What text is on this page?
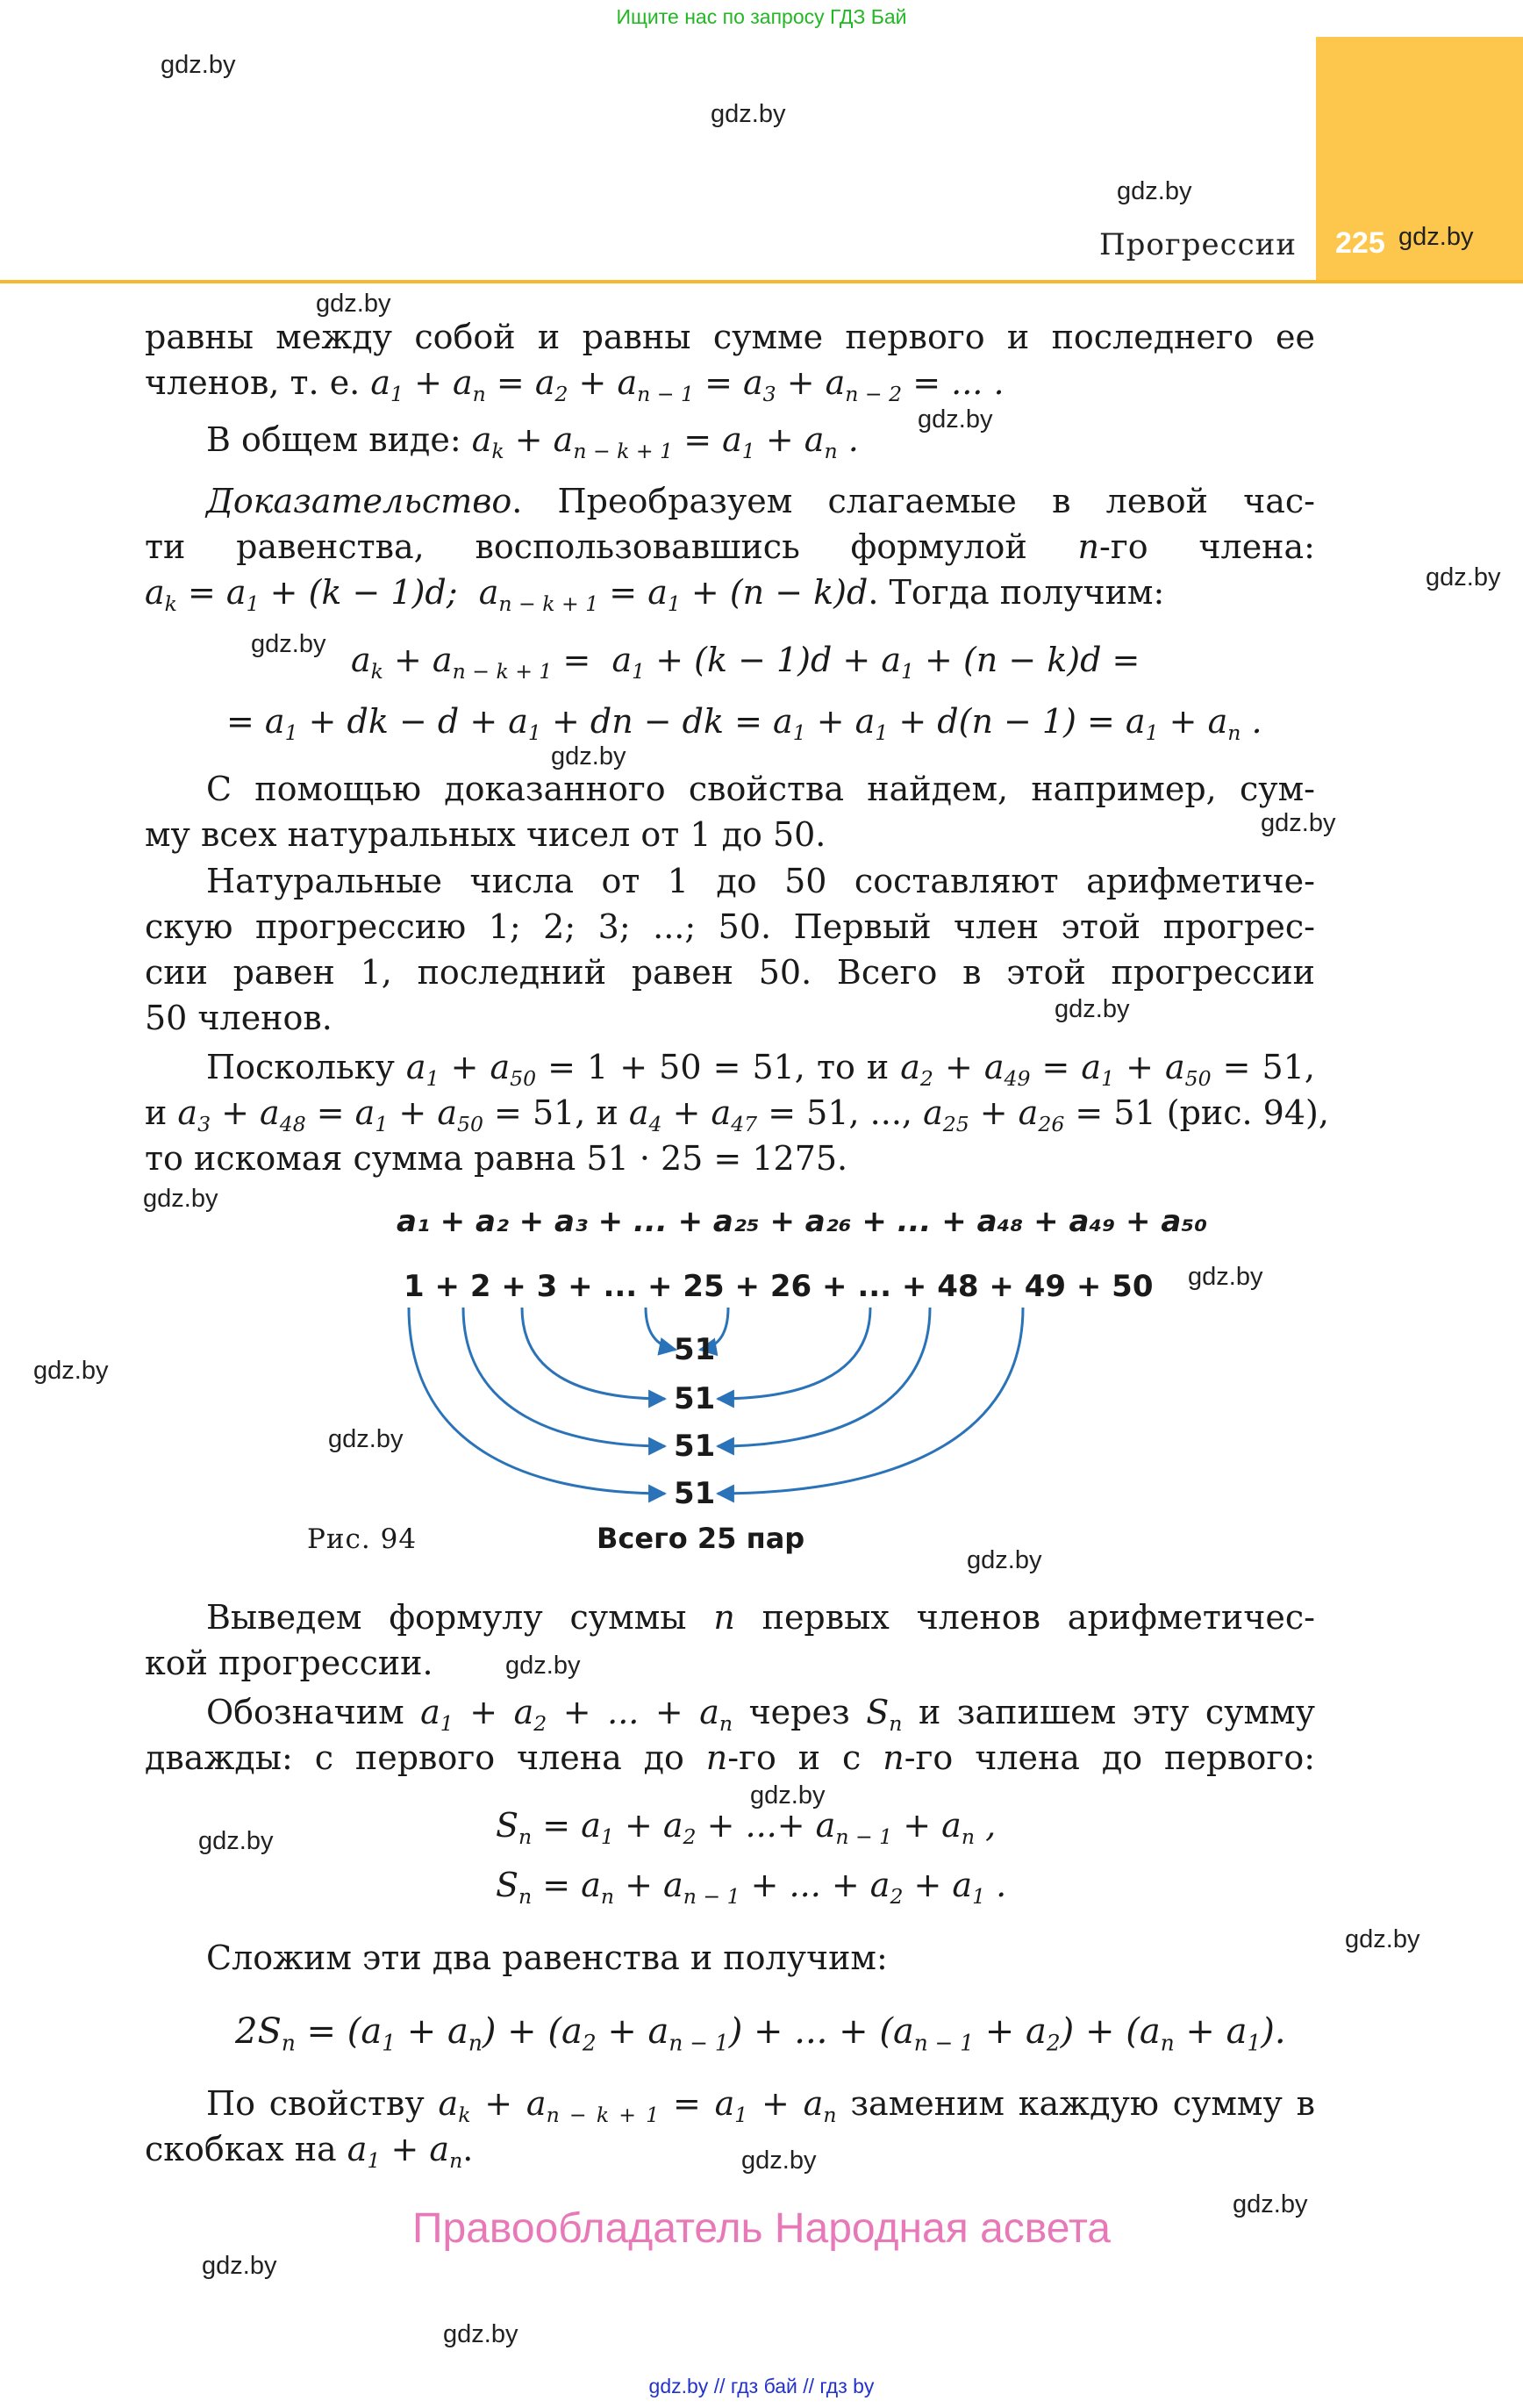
Ищите нас по запросу ГДЗ Бай
225
Прогрессии
gdz.by
gdz.by
gdz.by
gdz.by
gdz.by
gdz.by
gdz.by
gdz.by
gdz.by
gdz.by
gdz.by
gdz.by
gdz.by
gdz.by
gdz.by
gdz.by
gdz.by
gdz.by
gdz.by
gdz.by
gdz.by
gdz.by
gdz.by
gdz.by
равны между собой и равны сумме первого и последнего ее
членов, т. е. $a_1 + a_n = a_2 + a_{n - 1} = a_3 + a_{n - 2}$ = ... .
В общем виде: $a_k + a_{n - k + 1} = a_1 + a_n$ .
Доказательство. Преобразуем слагаемые в левой час-
ти равенства, воспользовавшись формулой n-го члена:
$a_k = a_1 + (k - 1)d$;  $a_{n - k + 1} = a_1 + (n - k)d$. Тогда получим:
$a_k + a_{n - k + 1} = a_1 + (k - 1)d + a_1 + (n - k)d$ =
= $a_1$ + dk − $d + a_1$ + dn − dk = $a_1 + a_1 + d(n - 1) = a_1 + a_n$ .
С помощью доказанного свойства найдем, например, сум-
му всех натуральных чисел от 1 до 50.
Натуральные числа от 1 до 50 составляют арифметиче-
скую прогрессию 1; 2; 3; ...; 50. Первый член этой прогрес-
сии равен 1, последний равен 50. Всего в этой прогрессии
50 членов.
Поскольку $a_1 + a_{50} = 1 + 50 = 51$, то и $a_2 + a_{49} = a_1 + a_{50} = 51$,
и $a_3 + a_{48} = a_1 + a_{50} = 51$, и $a_4 + a_{47} = 51$, ..., $a_{25} + a_{26} = 51$ (рис. 94),
то искомая сумма равна 51 · 25 = 1275.
a₁ + a₂ + a₃ + ... + a₂₅ + a₂₆ + ... + a₄₈ + a₄₉ + a₅₀
1 + 2 + 3 + ... + 25 + 26 + ... + 48 + 49 + 50
51
51
51
51
Рис. 94	Всего 25 пар
Выведем формулу суммы n первых членов арифметичес-
кой прогрессии.
Обозначим $a_1 + a_2$ + ... + $a_n$ через $S_n$ и запишем эту сумму
дважды: с первого члена до n-го и с n-го члена до первого:
$S_n = a_1 + a_2$ + ...+ $a_{n - 1} + a_n$ ,
$S_n = a_n + a_{n - 1}$ + ... + $a_2 + a_1$ .
Сложим эти два равенства и получим:
$2S_n = (a_1 + a_n) + (a_2 + a_{n - 1})$ + ... + $(a_{n - 1} + a_2) + (a_n + a_1)$.
По свойству $a_k + a_{n - k + 1} = a_1 + a_n$ заменим каждую сумму в
скобках на $a_1 + a_n$.
Правообладатель Народная асвета
gdz.by // гдз бай // гдз by
